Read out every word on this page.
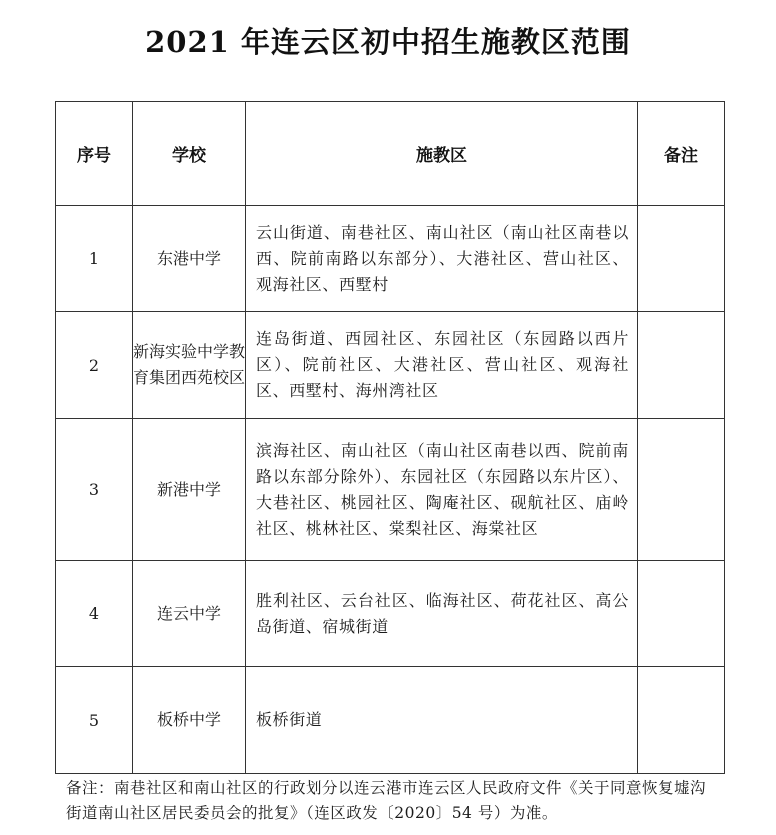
2021 年连云区初中招生施教区范围
序号	学校	施教区	备注
1	东港中学	云山街道、南巷社区、南山社区（南山社区南巷以西、院前南路以东部分）、大港社区、营山社区、观海社区、西墅村	
2	新海实验中学教育集团西苑校区	连岛街道、西园社区、东园社区（东园路以西片区）、院前社区、大港社区、营山社区、观海社区、西墅村、海州湾社区	
3	新港中学	滨海社区、南山社区（南山社区南巷以西、院前南路以东部分除外）、东园社区（东园路以东片区）、大巷社区、桃园社区、陶庵社区、砚航社区、庙岭社区、桃林社区、棠梨社区、海棠社区	
4	连云中学	胜利社区、云台社区、临海社区、荷花社区、高公岛街道、宿城街道	
5	板桥中学	板桥街道	
备注：南巷社区和南山社区的行政划分以连云港市连云区人民政府文件《关于同意恢复墟沟街道南山社区居民委员会的批复》（连区政发〔2020〕54 号）为准。
